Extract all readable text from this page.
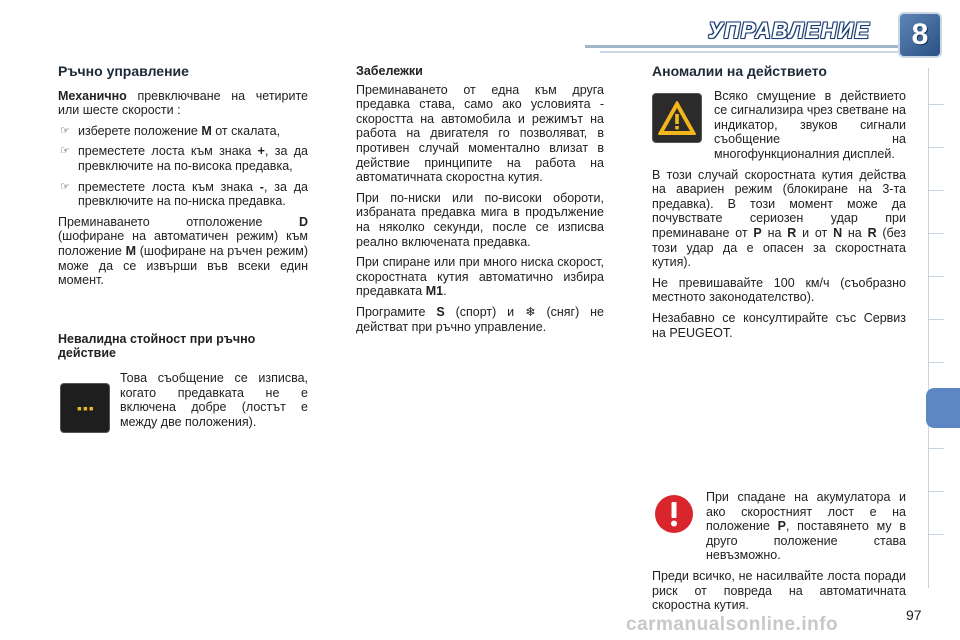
УПРАВЛЕНИЕ	8
Ръчно управление

Механично превключване на четирите или шесте скорости :

☞ изберете положение M от скалата,
☞ преместете лоста към знака +, за да превключите на по-висока предавка,
☞ преместете лоста към знака -, за да превключите на по-ниска предавка.

Преминаването отположение D (шофиране на автоматичен режим) към положение M (шофиране на ръчен режим) може да се извърши във всеки един момент.

Невалидна стойност при ръчно действие
▪▪▪

Това съобщение се изписва, когато предавката не е включена добре (лостът е между две положения).

Забележки

Преминаването от една към друга предавка става, само ако условията - скоростта на автомобила и режимът на работа на двигателя го позволяват, в противен случай моментално влизат в действие принципите на работа на автоматичната скоростна кутия.

При по-ниски или по-високи обороти, избраната предавка мига в продължение на няколко секунди, после се изписва реално включената предавка.

При спиране или при много ниска скорост, скоростната кутия автоматично избира предавката M1.

Програмите S (спорт) и ❄ (сняг) не действат при ръчно управление.

Аномалии на действието

Всяко смущение в действието се сигнализира чрез светване на индикатор, звуков сигнали съобщение на многофункционалния дисплей.

В този случай скоростната кутия действа на авариен режим (блокиране на 3-та предавка). В този момент може да почувствате сериозен удар при преминаване от P на R и от N на R (без този удар да е опасен за скоростната кутия).

Не превишавайте 100 км/ч (съобразно местното законодателство).

Незабавно се консултирайте със Сервиз на PEUGEOT.

При спадане на акумулатора и ако скоростният лост е на положение P, поставянето му в друго положение става невъзможно.

Преди всичко, не насилвайте лоста поради риск от повреда на автоматичната скоростна кутия.

carmanualsonline.info	97
